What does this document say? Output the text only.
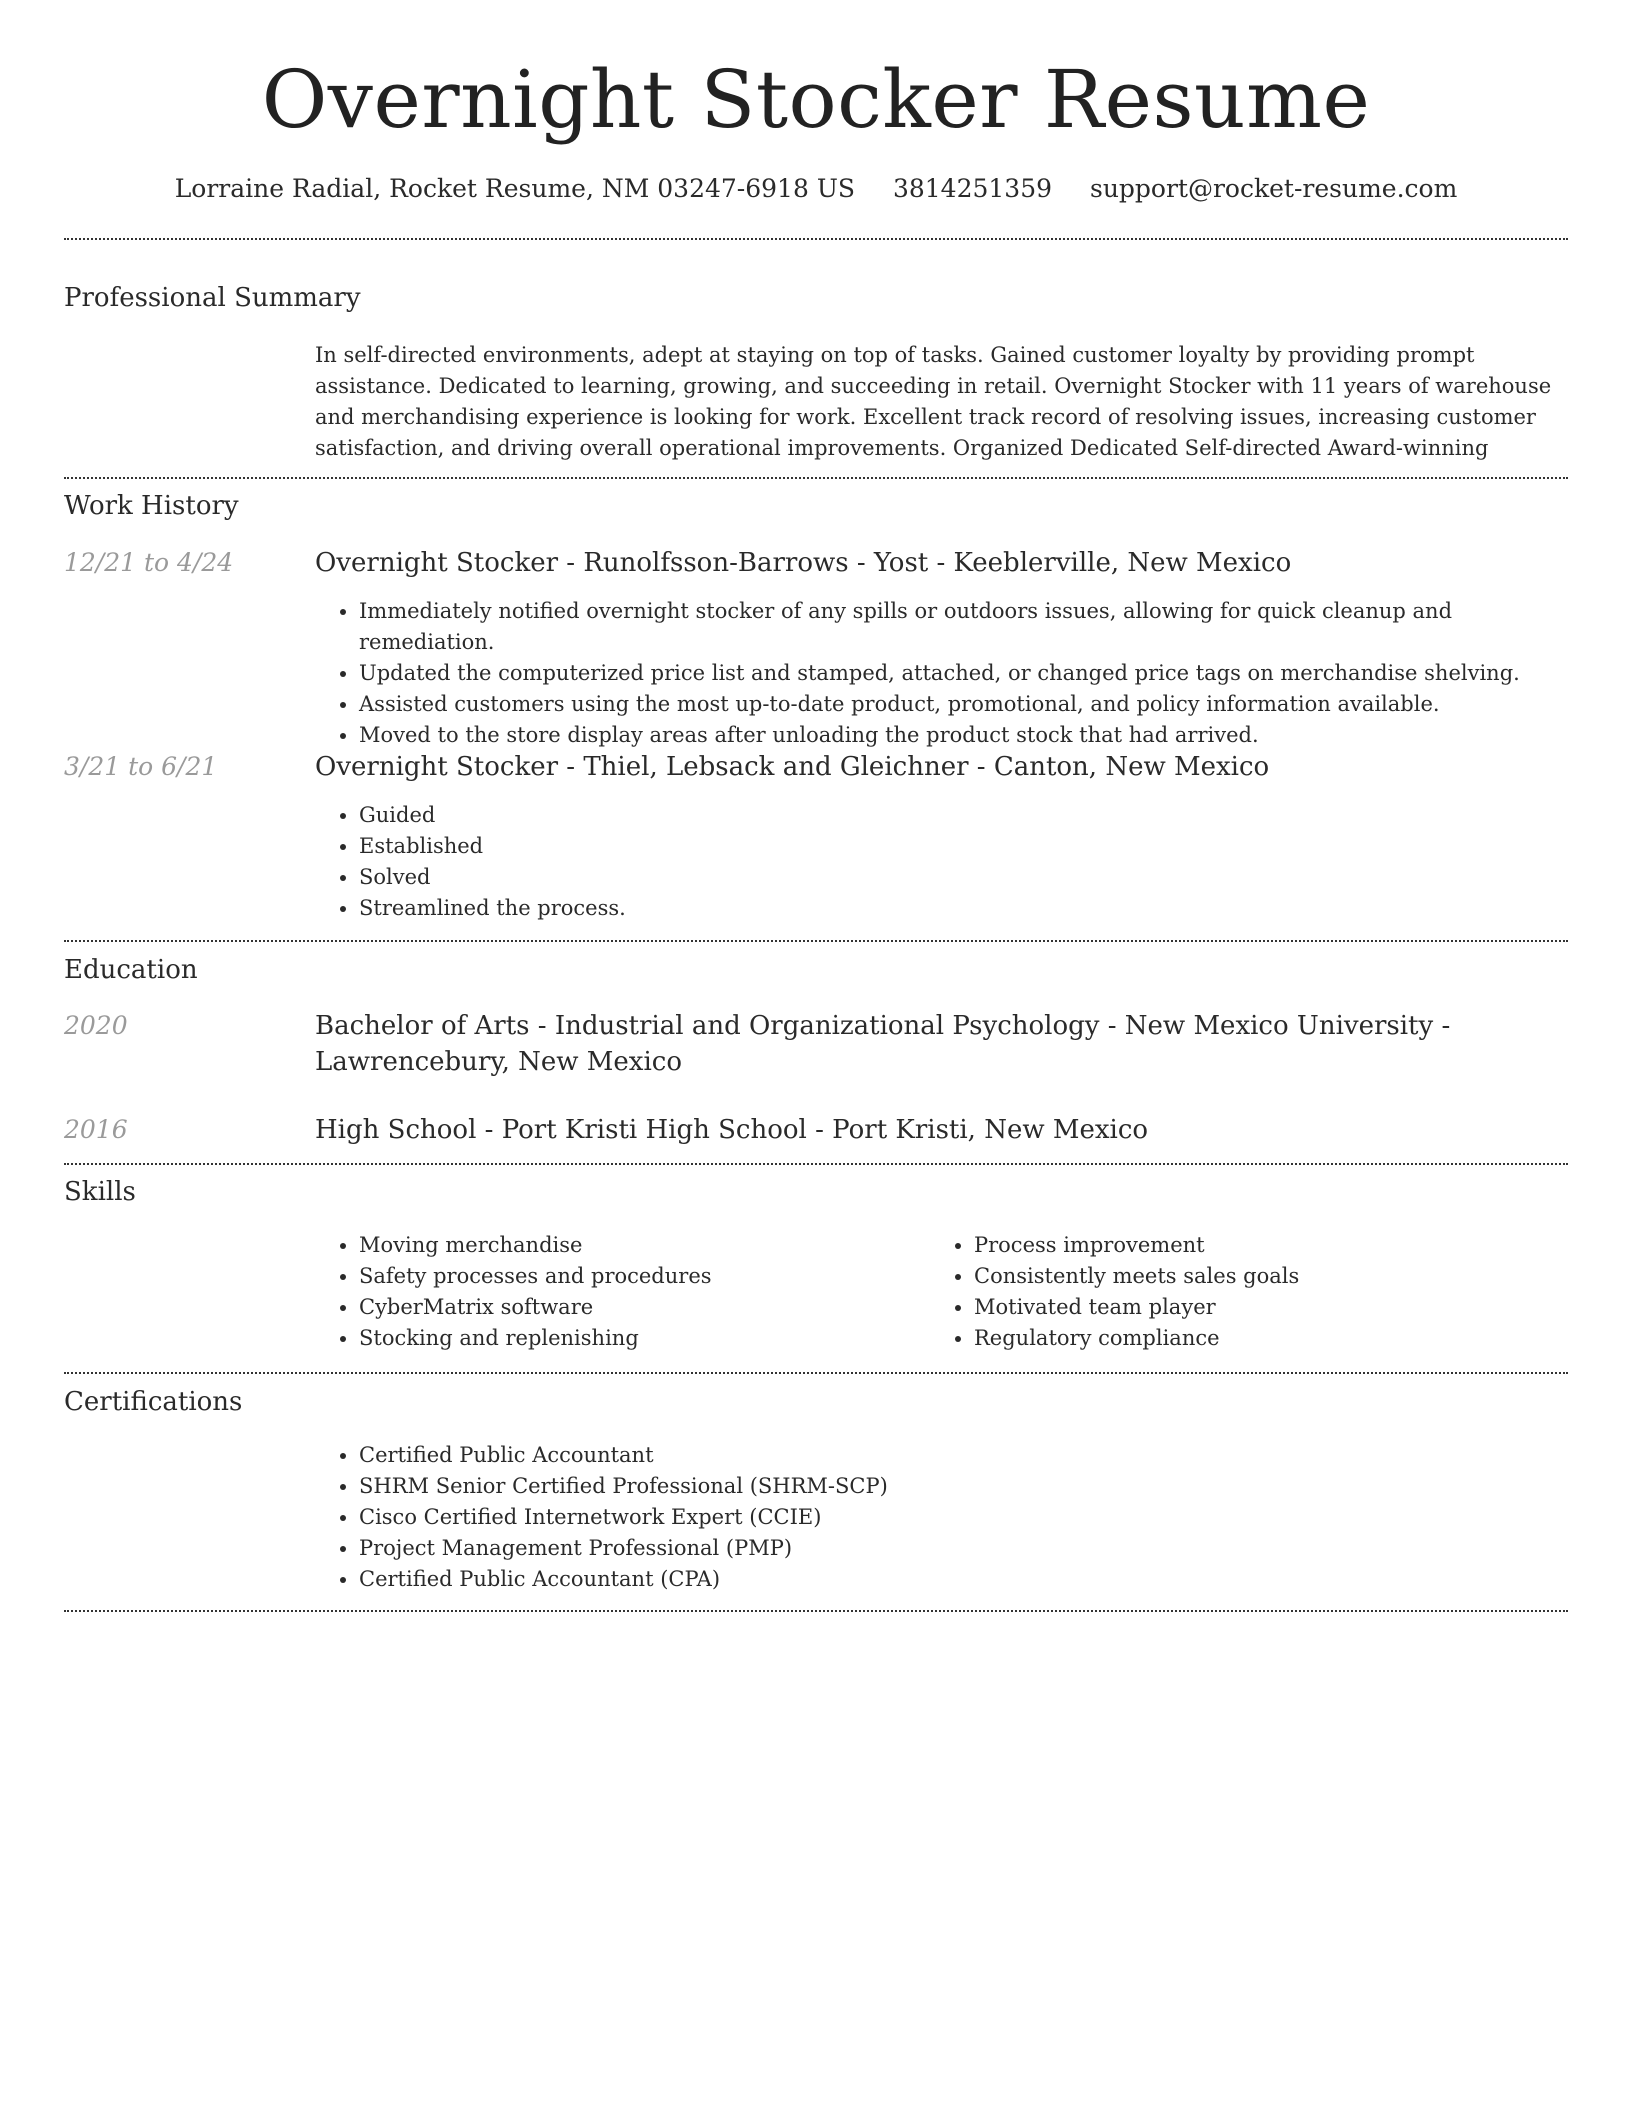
Overnight Stocker Resume
Lorraine Radial, Rocket Resume, NM 03247-6918 US 3814251359 support@rocket-resume.com
Professional Summary

In self-directed environments, adept at staying on top of tasks. Gained customer loyalty by providing prompt assistance. Dedicated to learning, growing, and succeeding in retail. Overnight Stocker with 11 years of warehouse and merchandising experience is looking for work. Excellent track record of resolving issues, increasing customer satisfaction, and driving overall operational improvements. Organized Dedicated Self-directed Award-winning

Work History
12/21 to 4/24	Overnight Stocker - Runolfsson-Barrows - Yost - Keeblerville, New Mexico
• Immediately notified overnight stocker of any spills or outdoors issues, allowing for quick cleanup and remediation.
• Updated the computerized price list and stamped, attached, or changed price tags on merchandise shelving.
• Assisted customers using the most up-to-date product, promotional, and policy information available.
• Moved to the store display areas after unloading the product stock that had arrived.
3/21 to 6/21	Overnight Stocker - Thiel, Lebsack and Gleichner - Canton, New Mexico
• Guided
• Established
• Solved
• Streamlined the process.
Education
2020	Bachelor of Arts - Industrial and Organizational Psychology - New Mexico University - Lawrencebury, New Mexico
2016	High School - Port Kristi High School - Port Kristi, New Mexico
Skills
• Moving merchandise
• Safety processes and procedures
• CyberMatrix software
• Stocking and replenishing
• Process improvement
• Consistently meets sales goals
• Motivated team player
• Regulatory compliance
Certifications
• Certified Public Accountant
• SHRM Senior Certified Professional (SHRM-SCP)
• Cisco Certified Internetwork Expert (CCIE)
• Project Management Professional (PMP)
• Certified Public Accountant (CPA)
